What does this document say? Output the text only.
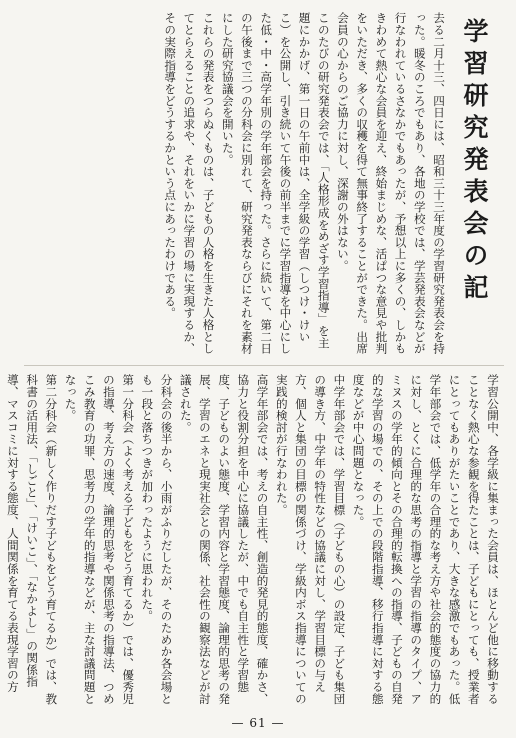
学習研究発表会の記
去る二月十三、四日には、昭和三十三年度の学習研究発表会を持った。暖冬のころでもあり、各地の学校では、学芸発表会などが行なわれているさなかでもあったが、予想以上に多くの、しかもきわめて熱心な会員を迎え、終始まじめな、活ぱつな意見や批判をいただき、多くの収穫を得て無事終了することができた。出席会員の心からのご協力に対し、深謝の外はない。
このたびの研究発表会では、「人格形成をめざす学習指導」を主題にかかげ、第一日の午前中は、全学級の学習（しつけ・けいこ）を公開し、引き続いて午後の前半までに学習指導を中心にした低・中・高学年別の学年部会を持った。さらに続いて、第二日の午後まで三つの分科会に別れて、研究発表ならびにそれを素材にした研究協議会を開いた。
これらの発表をつらぬくものは、子どもの人格を生きた人格としてとらえることの追求や、それをいかに学習の場に実現するか、その実際指導をどうするかという点にあったわけである。
学習公開中、各学級に集まった会員は、ほとんど他に移動することなく熱心な参観を得たことは、子どもにとっても、授業者にとってもありがたいことであり、大きな感激でもあった。低学年部会では、低学年の合理的な考え方や社会的態度の協力的に対し、とくに合理的な思考の指導と学習の指導のタイプ、アミヌスの学年的傾向とその合理的転換への指導、子どもの自発的な学習の場での、その上での段階指導、移行指導に対する態度などが中心問題となった。
中学年部会では、学習目標（子どもの心）の設定、子ども集団の導き方、中学年の特性などの協議に対し、学習目標の与え方、個人と集団の目標の関係づけ、学級内ボス指導についての実践的検討が行なわれた。
高学年部会では、考えの自主性、創造的発見的態度、確かさ、協力と役割分担を中心に協議したが、中でも自主性と学習態度、子どものよい態度、学習内容と学習態度、論理的思考の発展、学習のエネと現実社会との関係、社会性の観察法などが討議された。
分科会の後半から、小雨がふりだしたが、そのためか各会場とも一段と落ちつきが加わったように思われた。
第一分科会（よく考える子どもをどう育てるか）では、優秀児の指導、考え方の速度、論理的思考や関係思考の指導法、つめこみ教育の功罪、思考力の学年的指導などが、主な討議問題となった。
第二分科会（新しく作りだす子どもをどう育てるか）では、教科書の活用法、「しごと」、「けいこ」、「なかよし」の関係指導、マスコミに対する態度、人間関係を育てる表現学習の方

— 61 —
